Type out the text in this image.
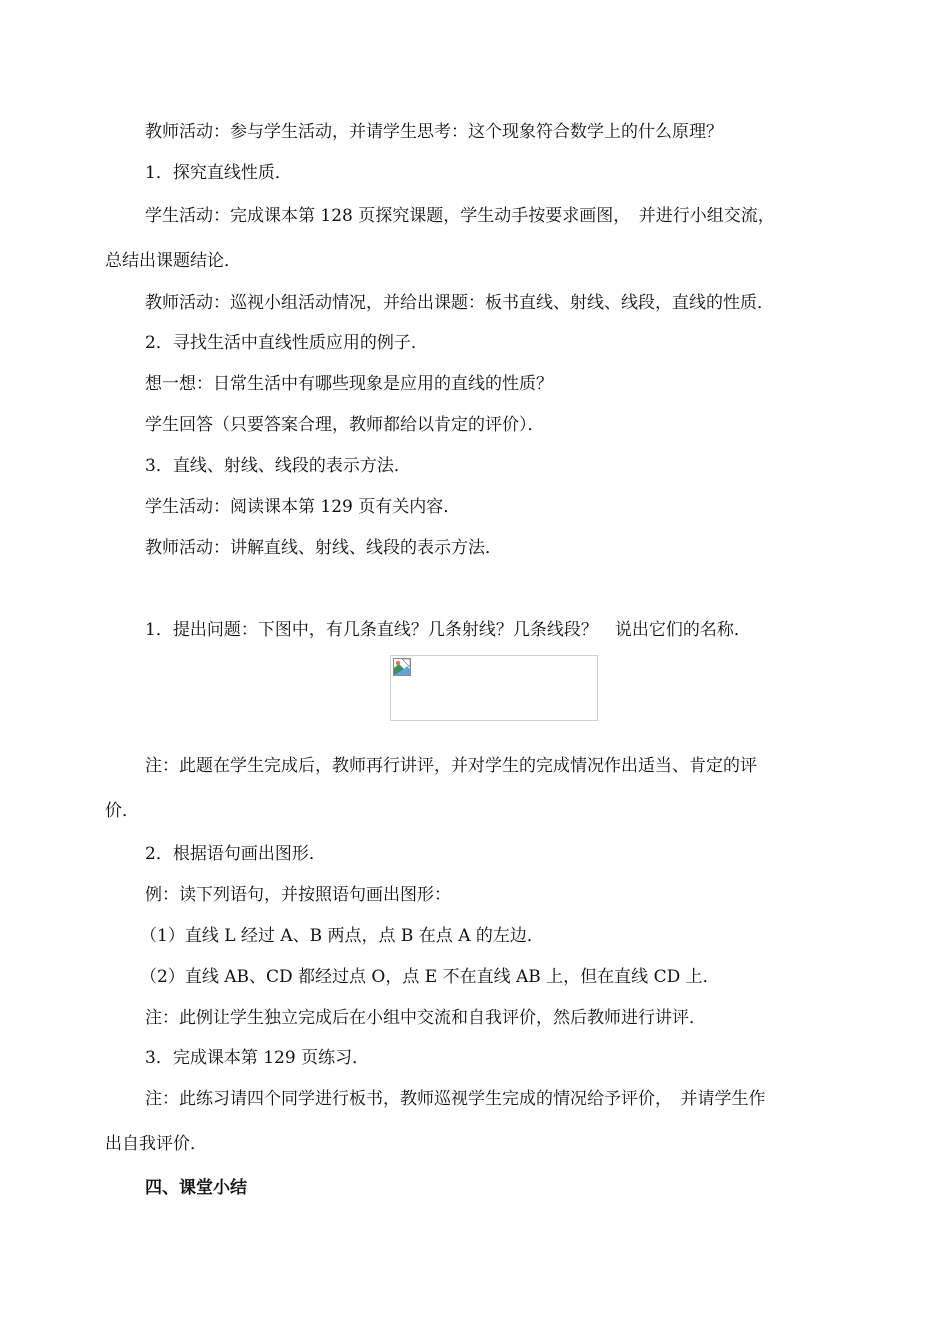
教师活动：参与学生活动，并请学生思考：这个现象符合数学上的什么原理？

1．探究直线性质．

学生活动：完成课本第 128 页探究课题，学生动手按要求画图，　并进行小组交流，

总结出课题结论．

教师活动：巡视小组活动情况，并给出课题：板书直线、射线、线段，直线的性质．

2．寻找生活中直线性质应用的例子．

想一想：日常生活中有哪些现象是应用的直线的性质？

学生回答（只要答案合理，教师都给以肯定的评价）．

3．直线、射线、线段的表示方法．

学生活动：阅读课本第 129 页有关内容．

教师活动：讲解直线、射线、线段的表示方法．

1．提出问题：下图中，有几条直线？几条射线？几条线段？　说出它们的名称．

注：此题在学生完成后，教师再行讲评，并对学生的完成情况作出适当、肯定的评

价．

2．根据语句画出图形．

例：读下列语句，并按照语句画出图形：

（1）直线 L 经过 A、B 两点，点 B 在点 A 的左边．

（2）直线 AB、CD 都经过点 O，点 E 不在直线 AB 上，但在直线 CD 上．

注：此例让学生独立完成后在小组中交流和自我评价，然后教师进行讲评．

3．完成课本第 129 页练习．

注：此练习请四个同学进行板书，教师巡视学生完成的情况给予评价，　并请学生作

出自我评价．

四、课堂小结
